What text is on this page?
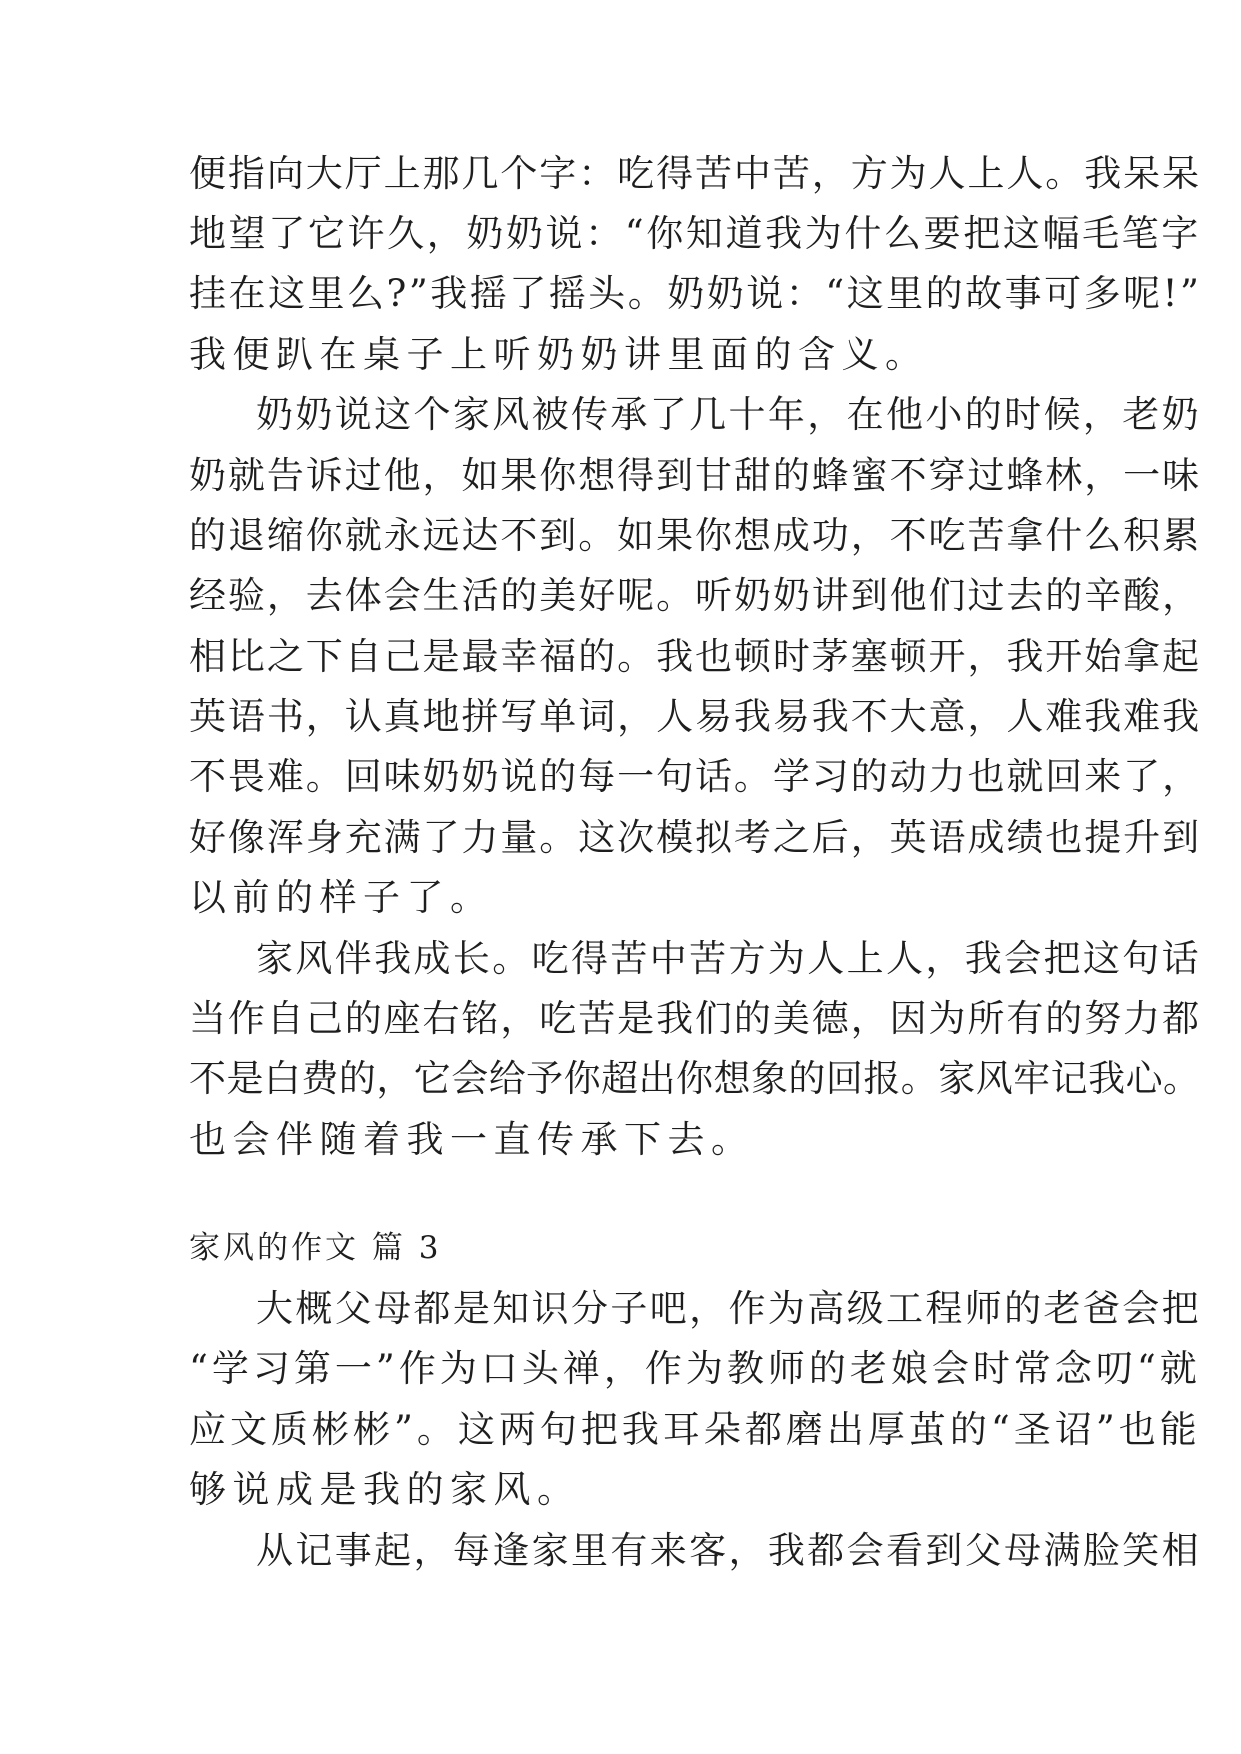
便指向大厅上那几个字：吃得苦中苦，方为人上人。我呆呆

地望了它许久，奶奶说：“你知道我为什么要把这幅毛笔字

挂在这里么?”我摇了摇头。奶奶说：“这里的故事可多呢!”

我便趴在桌子上听奶奶讲里面的含义。

奶奶说这个家风被传承了几十年，在他小的时候，老奶

奶就告诉过他，如果你想得到甘甜的蜂蜜不穿过蜂林，一味

的退缩你就永远达不到。如果你想成功，不吃苦拿什么积累

经验，去体会生活的美好呢。听奶奶讲到他们过去的辛酸，

相比之下自己是最幸福的。我也顿时茅塞顿开，我开始拿起

英语书，认真地拼写单词，人易我易我不大意，人难我难我

不畏难。回味奶奶说的每一句话。学习的动力也就回来了，

好像浑身充满了力量。这次模拟考之后，英语成绩也提升到

以前的样子了。

家风伴我成长。吃得苦中苦方为人上人，我会把这句话

当作自己的座右铭，吃苦是我们的美德，因为所有的努力都

不是白费的，它会给予你超出你想象的回报。家风牢记我心。

也会伴随着我一直传承下去。

家风的作文 篇 3

大概父母都是知识分子吧，作为高级工程师的老爸会把

“学习第一”作为口头禅，作为教师的老娘会时常念叨“就

应文质彬彬”。这两句把我耳朵都磨出厚茧的“圣诏”也能

够说成是我的家风。

从记事起，每逢家里有来客，我都会看到父母满脸笑相
